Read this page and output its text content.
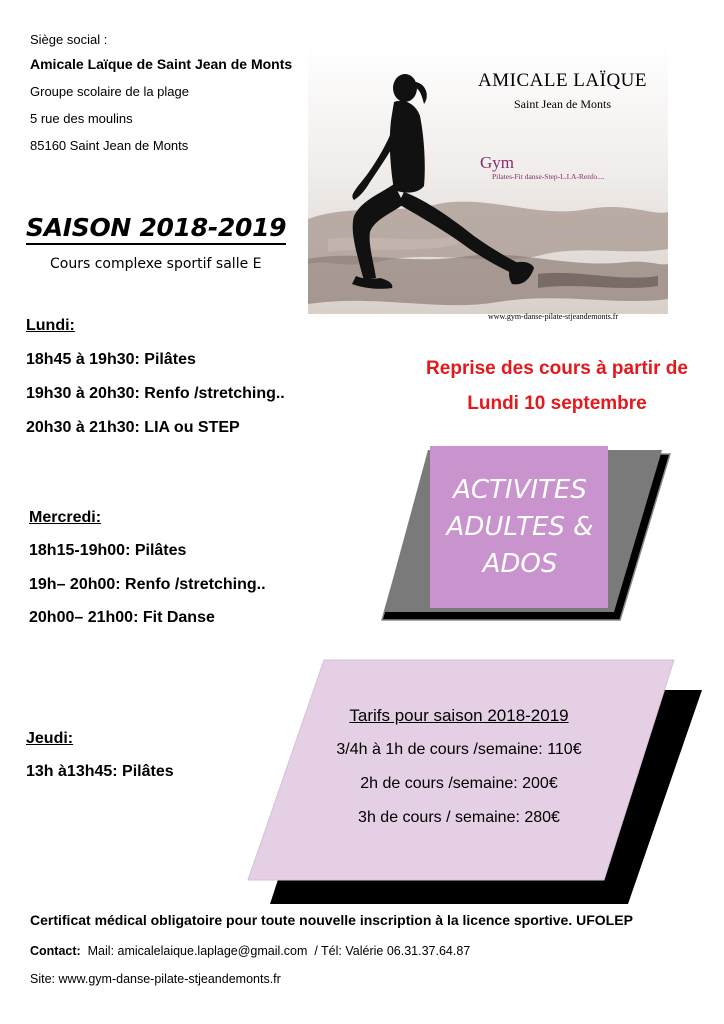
Siège social :
Amicale Laïque de Saint Jean de Monts
Groupe scolaire de la plage
5 rue des moulins
85160 Saint Jean de Monts
SAISON 2018-2019
Cours complexe sportif salle E
AMICALE LAÏQUE
Saint Jean de Monts
Gym
Pilates-Fit danse-Step-L.I.A-Renfo....
www.gym-danse-pilate-stjeandemonts.fr
Lundi:
18h45 à 19h30: Pilâtes
19h30 à 20h30: Renfo /stretching..
20h30 à 21h30: LIA ou STEP
Mercredi:
18h15-19h00: Pilâtes
19h– 20h00: Renfo /stretching..
20h00– 21h00: Fit Danse
Jeudi:
13h à13h45: Pilâtes
Reprise des cours à partir de
Lundi 10 septembre
ACTIVITES
ADULTES &
ADOS
Tarifs pour saison 2018-2019
3/4h à 1h de cours /semaine: 110€
2h de cours /semaine: 200€
3h de cours / semaine: 280€
Certificat médical obligatoire pour toute nouvelle inscription à la licence sportive. UFOLEP
Contact:  Mail: amicalelaique.laplage@gmail.com  / Tél: Valérie 06.31.37.64.87
Site: www.gym-danse-pilate-stjeandemonts.fr
